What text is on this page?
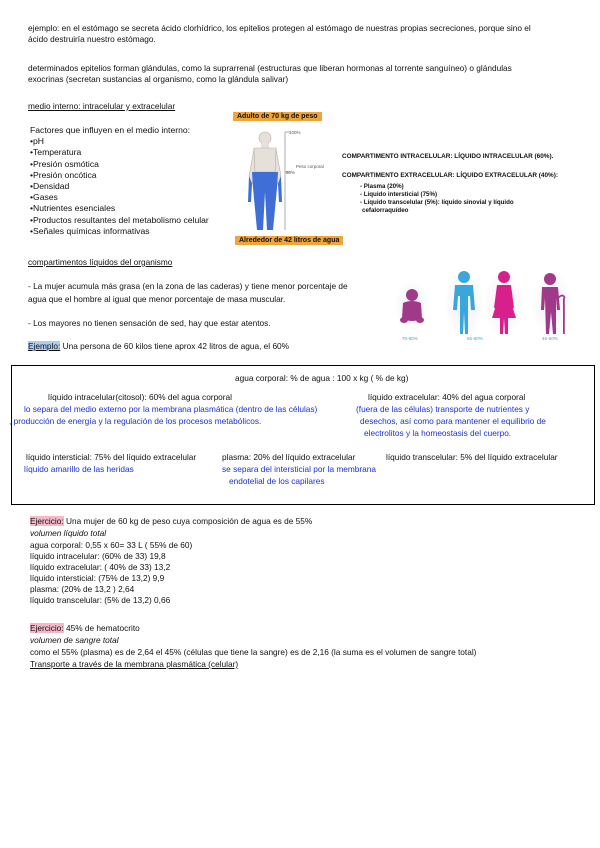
ejemplo: en el estómago se secreta ácido clorhídrico, los epitelios protegen al estómago de nuestras propias secreciones, porque sino el
ácido destruiría nuestro estómago.
determinados epitelios forman glándulas, como la suprarrenal (estructuras que liberan hormonas al torrente sanguíneo) o glándulas
exocrinas (secretan sustancias al organismo, como la glándula salivar)
medio interno: intracelular y extracelular
Factores que influyen en el medio interno:
•pH
•Temperatura
•Presión osmótica
•Presión oncótica
•Densidad
•Gases
•Nutrientes esenciales
•Productos resultantes del metabolismo celular
•Señales químicas informativas
Adulto de 70 kg de peso
100%
60%
Peso corporal
Alrededor de 42 litros de agua
COMPARTIMENTO INTRACELULAR: LÍQUIDO INTRACELULAR (60%).
COMPARTIMENTO EXTRACELULAR: LÍQUIDO EXTRACELULAR (40%):
- Plasma (20%)
- Líquido intersticial (75%)
- Líquido transcelular (5%): líquido sinovial y líquido
cefalorraquídeo
compartimentos líquidos del organismo
- La mujer acumula más grasa (en la zona de las caderas) y tiene menor porcentaje de
agua que el hombre al igual que menor porcentaje de masa muscular.
- Los mayores no tienen sensación de sed, hay que estar atentos.
Ejemplo: Una persona de 60 kilos tiene aprox 42 litros de agua, el 60%
70-80%	55-60%	45-50%
agua corporal: % de agua : 100 x kg ( % de kg)
líquido intracelular(citosol): 60% del agua corporal
lo separa del medio externo por la membrana plasmática (dentro de las células)
, producción de energía y la regulación de los procesos metabólicos.
líquido extracelular: 40% del agua corporal
(fuera de las células) transporte de nutrientes y
desechos, así como para mantener el equilibrio de
electrolitos y la homeostasis del cuerpo.
líquido intersticial: 75% del líquido extracelular
líquido amarillo de las heridas
plasma: 20% del líquido extracelular
se separa del intersticial por la membrana
endotelial de los capilares
líquido transcelular: 5% del líquido extracelular
Ejercicio: Una mujer de 60 kg de peso cuya composición de agua es de 55%
volumen líquido total
agua corporal: 0,55 x 60= 33 L ( 55% de 60)
líquido intracelular: (60% de 33) 19,8
líquido extracelular: ( 40% de 33) 13,2
líquido intersticial: (75% de 13,2) 9,9
plasma: (20% de 13,2 ) 2,64
líquido transcelular: (5% de 13,2) 0,66
Ejercicio: 45% de hematocrito
volumen de sangre total
como el 55% (plasma) es de 2,64 el 45% (células que tiene la sangre) es de 2,16 (la suma es el volumen de sangre total)
Transporte a través de la membrana plasmática (celular)
